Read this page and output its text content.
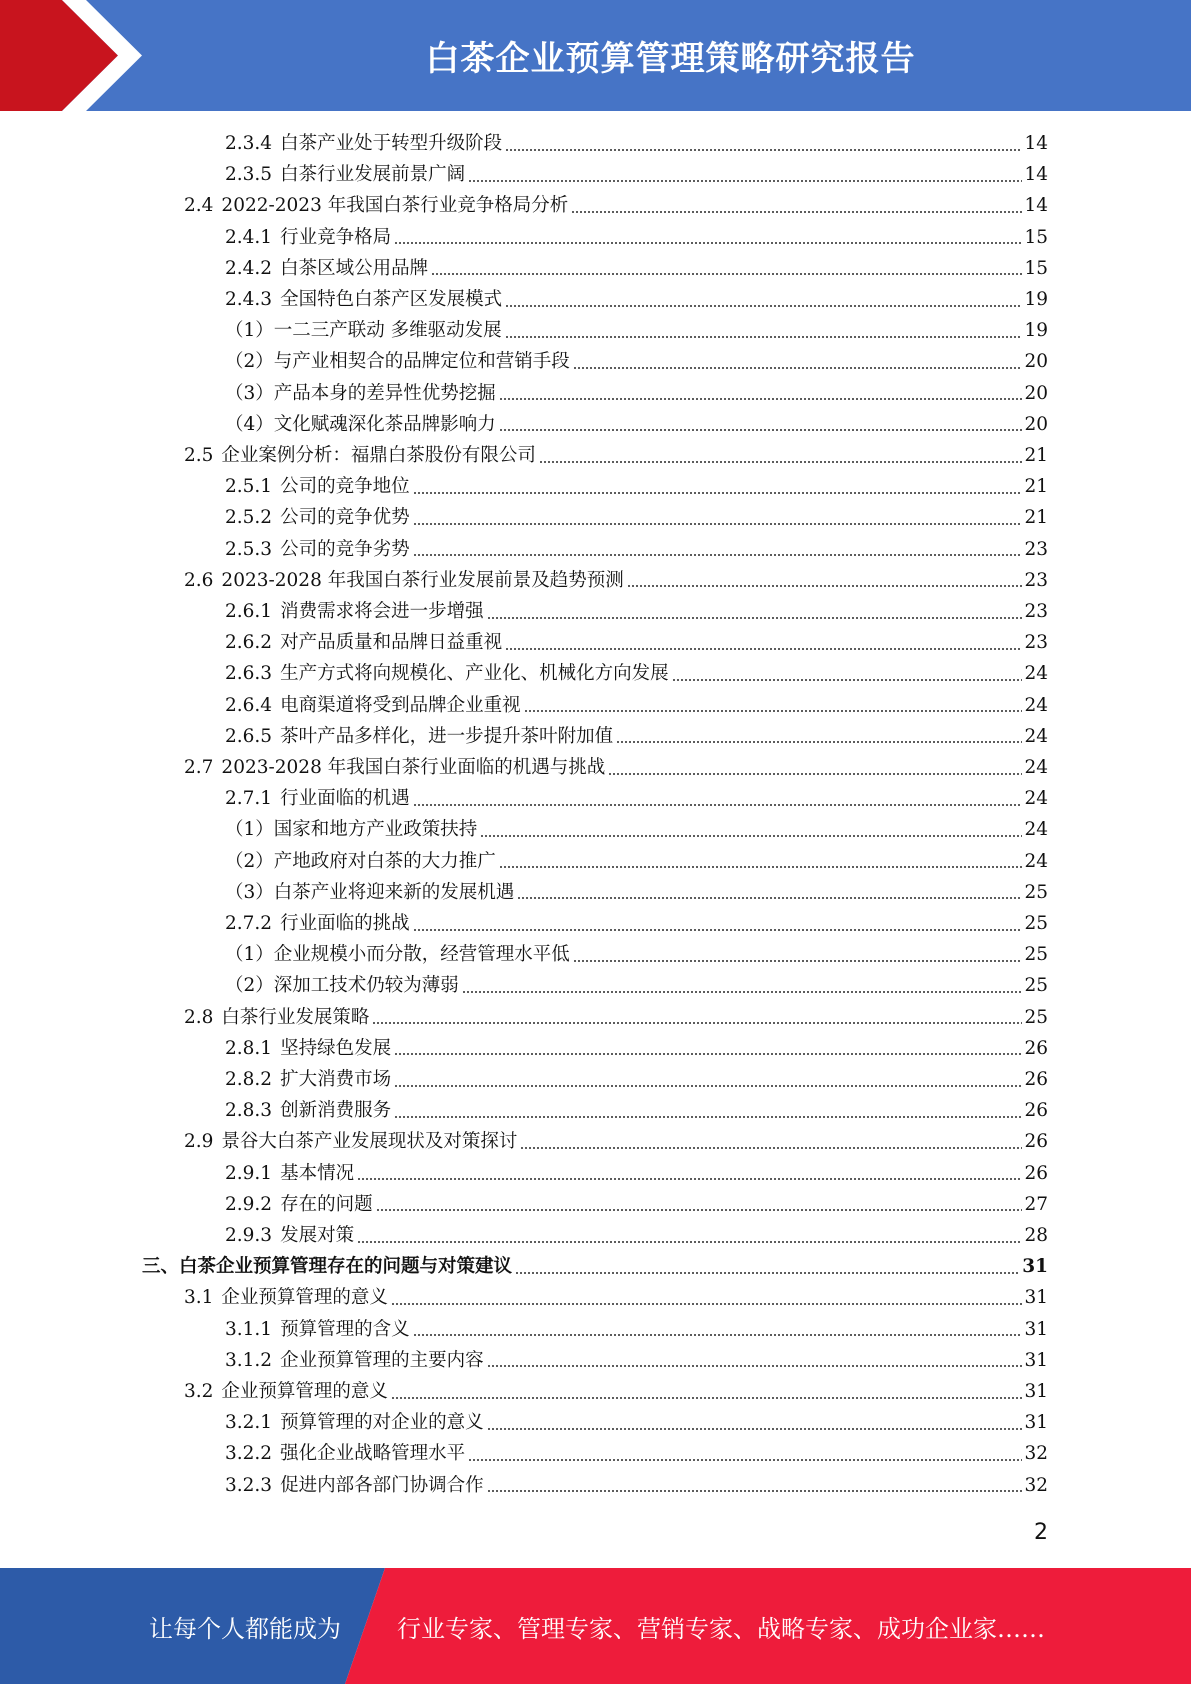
白茶企业预算管理策略研究报告
2.3.4 白茶产业处于转型升级阶段	14
2.3.5 白茶行业发展前景广阔	14
2.4 2022-2023 年我国白茶行业竞争格局分析	14
2.4.1 行业竞争格局	15
2.4.2 白茶区域公用品牌	15
2.4.3 全国特色白茶产区发展模式	19
（1） 一二三产联动 多维驱动发展	19
（2） 与产业相契合的品牌定位和营销手段	20
（3） 产品本身的差异性优势挖掘	20
（4） 文化赋魂深化茶品牌影响力	20
2.5 企业案例分析：福鼎白茶股份有限公司	21
2.5.1 公司的竞争地位	21
2.5.2 公司的竞争优势	21
2.5.3 公司的竞争劣势	23
2.6 2023-2028 年我国白茶行业发展前景及趋势预测	23
2.6.1 消费需求将会进一步增强	23
2.6.2 对产品质量和品牌日益重视	23
2.6.3 生产方式将向规模化、产业化、机械化方向发展	24
2.6.4 电商渠道将受到品牌企业重视	24
2.6.5 茶叶产品多样化，进一步提升茶叶附加值	24
2.7 2023-2028 年我国白茶行业面临的机遇与挑战	24
2.7.1 行业面临的机遇	24
（1） 国家和地方产业政策扶持	24
（2） 产地政府对白茶的大力推广	24
（3） 白茶产业将迎来新的发展机遇	25
2.7.2 行业面临的挑战	25
（1） 企业规模小而分散，经营管理水平低	25
（2） 深加工技术仍较为薄弱	25
2.8 白茶行业发展策略	25
2.8.1 坚持绿色发展	26
2.8.2 扩大消费市场	26
2.8.3 创新消费服务	26
2.9 景谷大白茶产业发展现状及对策探讨	26
2.9.1 基本情况	26
2.9.2 存在的问题	27
2.9.3 发展对策	28
三、 白茶企业预算管理存在的问题与对策建议	31
3.1 企业预算管理的意义	31
3.1.1 预算管理的含义	31
3.1.2 企业预算管理的主要内容	31
3.2 企业预算管理的意义	31
3.2.1 预算管理的对企业的意义	31
3.2.2 强化企业战略管理水平	32
3.2.3 促进内部各部门协调合作	32
2
让每个人都能成为	行业专家、管理专家、营销专家、战略专家、成功企业家……
